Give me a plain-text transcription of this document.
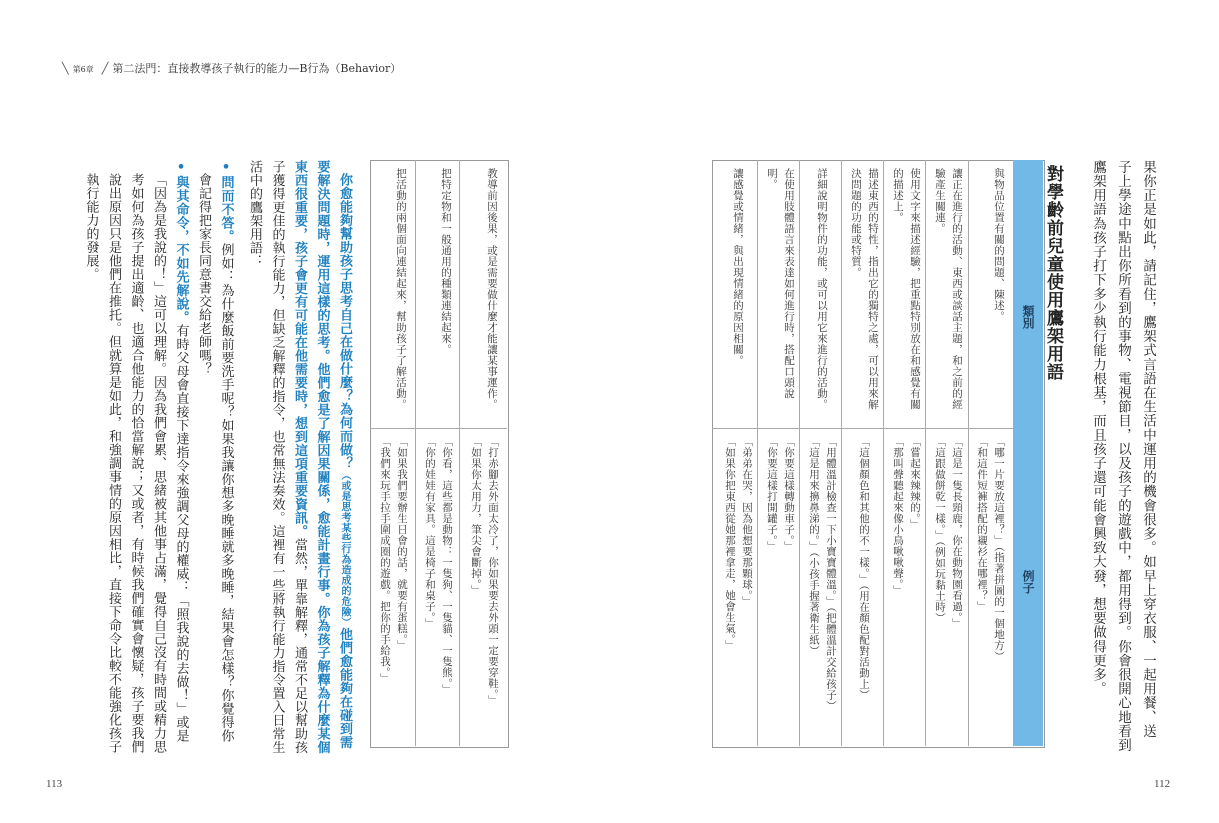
╲ 第6章 ╱ 第二法門：直接教導孩子執行的能力—B行為（Behavior）
果你正是如此，請記住，鷹架式言語在生活中運用的機會很多。如早上穿衣服、一起用餐、送
子上學途中點出你所看到的事物、電視節目，以及孩子的遊戲中，都用得到。你會很開心地看到
鷹架用語為孩子打下多少執行能力根基，而且孩子還可能會興致大發，想要做得更多。
對學齡前兒童使用鷹架用語
類別
例子
與物品位置有關的問題、陳述。
「哪一片要放這裡？」（指著拼圖的一個地方）
「和這件短褲搭配的襯衫在哪裡？」
讓正在進行的活動、東西或談話主題，和之前的經
驗產生關連。
「這是一隻長頸鹿，你在動物園看過。」
「這跟做餅乾一樣。」（例如玩黏土時）
使用文字來描述經驗，把重點特別放在和感覺有關
的描述上。
「嘗起來辣辣的。」
「那叫聲聽起來像小鳥啾啾聲。」
描述東西的特性，指出它的獨特之處，可以用來解
決問題的功能或特質。
「這個顏色和其他的不一樣。」（用在顏色配對活動上）
詳細說明物件的功能，或可以用它來進行的活動。
「用體溫計檢查一下小寶寶體溫。」（把體溫計交給孩子）
「這是用來擤鼻涕的。」（小孩手握著衛生紙）
在使用肢體語言來表達如何進行時，搭配口頭說
明。
「你要這樣轉動車子。」
「你要這樣打開罐子。」
讓感覺或情緒，與出現情緒的原因相關。
「弟弟在哭，因為他想要那顆球。」
「如果你把東西從她那裡拿走，她會生氣。」
教導前因後果，或是需要做什麼才能讓某事運作。
「打赤腳去外面太冷了，你如果要去外頭一定要穿鞋。」
「如果你太用力，筆尖會斷掉。」
把特定物和一般通用的種類連結起來。
「你看，這些都是動物：一隻狗、一隻貓、一隻熊。」
「你的娃娃有家具。這是椅子和桌子。」
把活動的兩個面向連結起來，幫助孩子了解活動。
「如果我們要辦生日會的話，就要有蛋糕。」
「我們來玩手拉手圍成圈的遊戲。把你的手給我。」

你愈能夠幫助孩子思考自己在做什麼？為何而做？（或是思考某些行為造成的危險）他們愈能夠在碰到需要解決問題時，運用這樣的思考。他們愈是了解因果關係，愈能計畫行事。你為孩子解釋為什麼某個東西很重要，孩子會更有可能在他需要時，想到這項重要資訊。當然，單靠解釋，通常不足以幫助孩子獲得更佳的執行能力，但缺乏解釋的指令，也常無法奏效。這裡有一些將執行能力指令置入日常生活中的鷹架用語：

•問而不答。例如：為什麼飯前要洗手呢？如果我讓你想多晚睡就多晚睡，結果會怎樣？你覺得你會記得把家長同意書交給老師嗎？

•與其命令，不如先解說。有時父母會直接下達指令來強調父母的權威：「照我說的去做！」或是「因為是我說的！」這可以理解。因為我們會累、思緒被其他事占滿，覺得自己沒有時間或精力思考如何為孩子提出適齡、也適合他能力的恰當解說；又或者，有時候我們確實會懷疑，孩子要我們說出原因只是他們在推托。但就算是如此，和強調事情的原因相比，直接下命令比較不能強化孩子執行能力的發展。

113	112
